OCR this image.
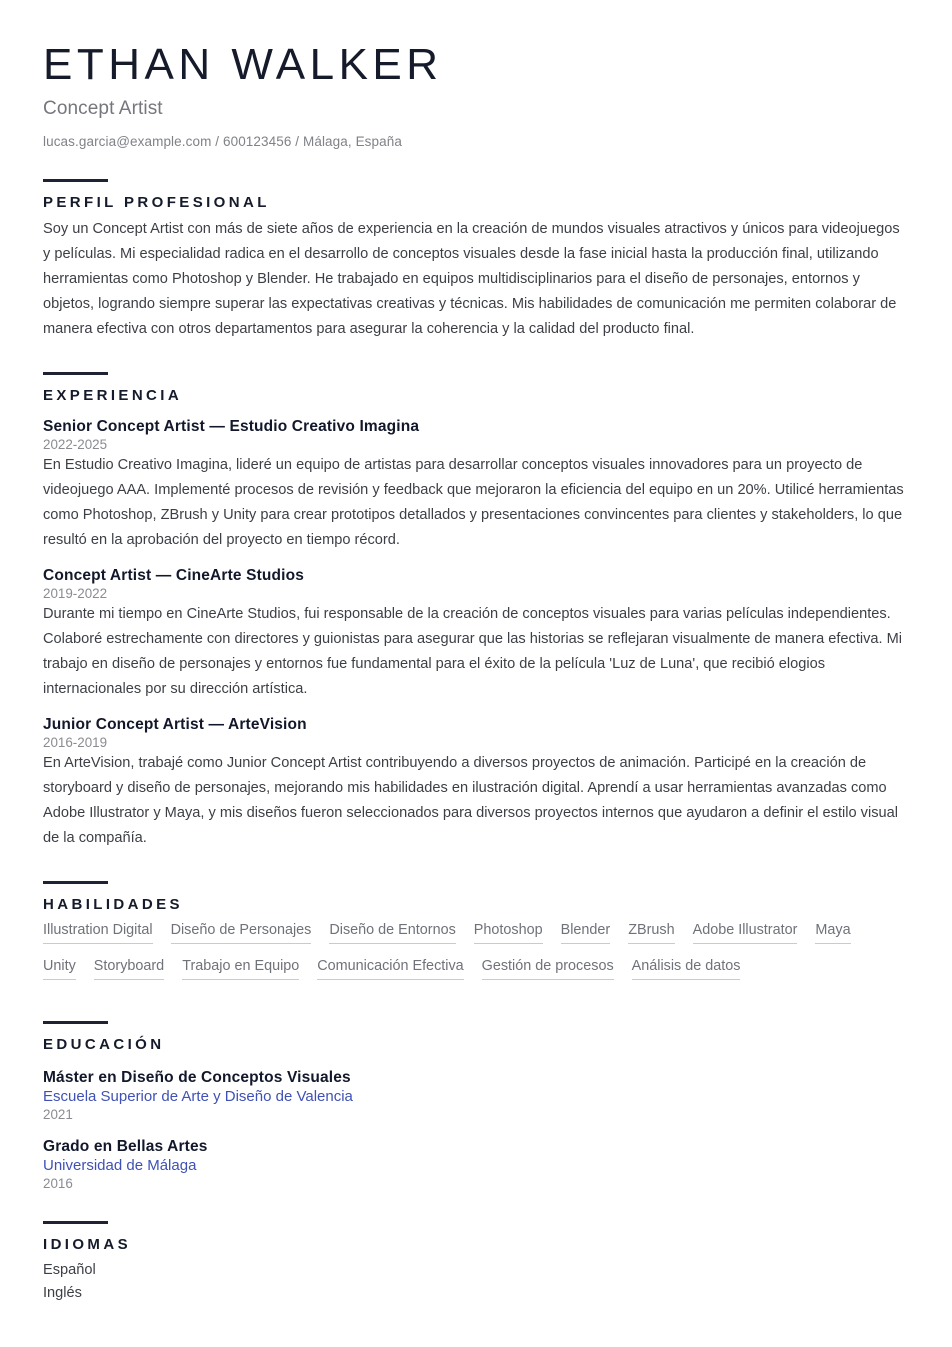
ETHAN WALKER
Concept Artist
lucas.garcia@example.com / 600123456 / Málaga, España
PERFIL PROFESIONAL

Soy un Concept Artist con más de siete años de experiencia en la creación de mundos visuales atractivos y únicos para videojuegos y películas. Mi especialidad radica en el desarrollo de conceptos visuales desde la fase inicial hasta la producción final, utilizando herramientas como Photoshop y Blender. He trabajado en equipos multidisciplinarios para el diseño de personajes, entornos y objetos, logrando siempre superar las expectativas creativas y técnicas. Mis habilidades de comunicación me permiten colaborar de manera efectiva con otros departamentos para asegurar la coherencia y la calidad del producto final.

EXPERIENCIA
Senior Concept Artist — Estudio Creativo Imagina
2022-2025

En Estudio Creativo Imagina, lideré un equipo de artistas para desarrollar conceptos visuales innovadores para un proyecto de videojuego AAA. Implementé procesos de revisión y feedback que mejoraron la eficiencia del equipo en un 20%. Utilicé herramientas como Photoshop, ZBrush y Unity para crear prototipos detallados y presentaciones convincentes para clientes y stakeholders, lo que resultó en la aprobación del proyecto en tiempo récord.

Concept Artist — CineArte Studios
2019-2022

Durante mi tiempo en CineArte Studios, fui responsable de la creación de conceptos visuales para varias películas independientes. Colaboré estrechamente con directores y guionistas para asegurar que las historias se reflejaran visualmente de manera efectiva. Mi trabajo en diseño de personajes y entornos fue fundamental para el éxito de la película 'Luz de Luna', que recibió elogios internacionales por su dirección artística.

Junior Concept Artist — ArteVision
2016-2019

En ArteVision, trabajé como Junior Concept Artist contribuyendo a diversos proyectos de animación. Participé en la creación de storyboard y diseño de personajes, mejorando mis habilidades en ilustración digital. Aprendí a usar herramientas avanzadas como Adobe Illustrator y Maya, y mis diseños fueron seleccionados para diversos proyectos internos que ayudaron a definir el estilo visual de la compañía.

HABILIDADES
Illustration Digital Diseño de Personajes Diseño de Entornos Photoshop Blender ZBrush Adobe Illustrator Maya
Unity Storyboard Trabajo en Equipo Comunicación Efectiva Gestión de procesos Análisis de datos
EDUCACIÓN
Máster en Diseño de Conceptos Visuales
Escuela Superior de Arte y Diseño de Valencia
2021
Grado en Bellas Artes
Universidad de Málaga
2016
IDIOMAS
Español
Inglés
